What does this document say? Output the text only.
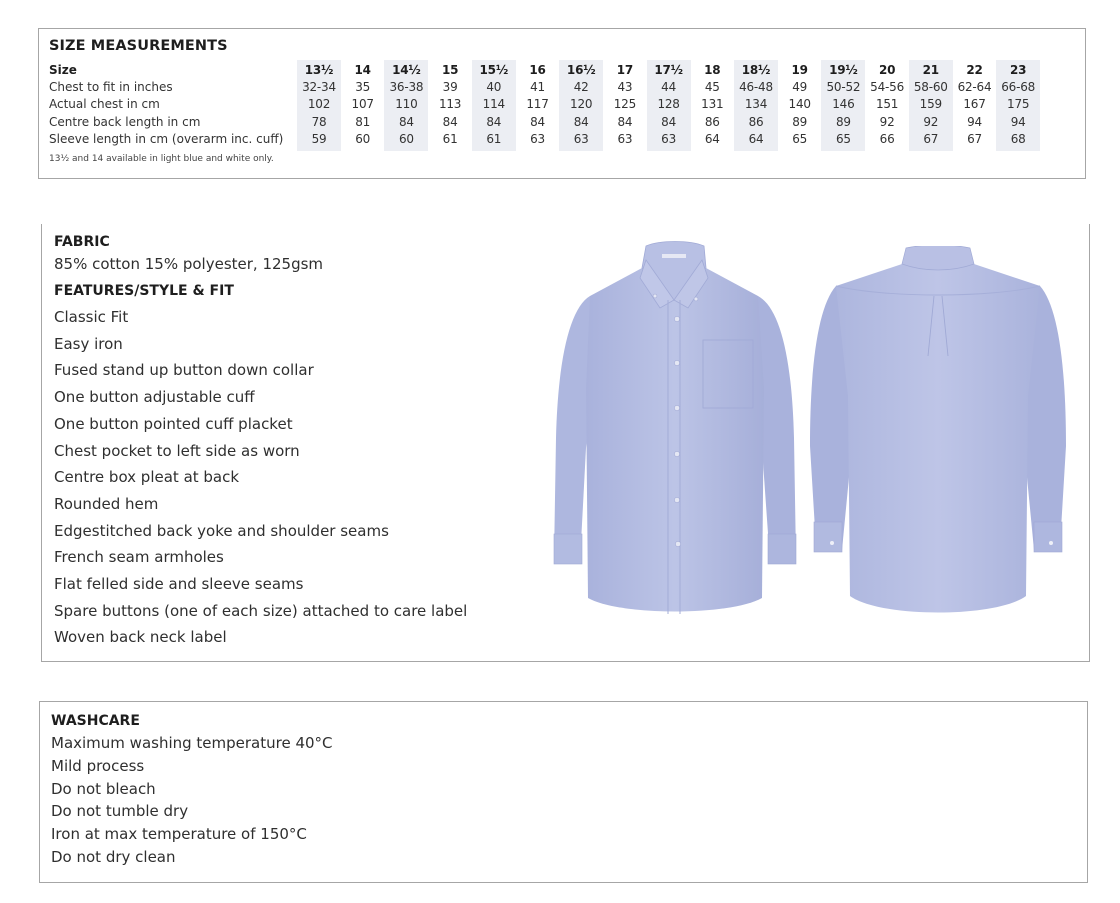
SIZE MEASUREMENTS
Size
Chest to fit in inches
Actual chest in cm
Centre back length in cm
Sleeve length in cm (overarm inc. cuff)
13½
32-34
102
78
59
14
35
107
81
60
14½
36-38
110
84
60
15
39
113
84
61
15½
40
114
84
61
16
41
117
84
63
16½
42
120
84
63
17
43
125
84
63
17½
44
128
84
63
18
45
131
86
64
18½
46-48
134
86
64
19
49
140
89
65
19½
50-52
146
89
65
20
54-56
151
92
66
21
58-60
159
92
67
22
62-64
167
94
67
23
66-68
175
94
68
13½ and 14 available in light blue and white only.
FABRIC
85% cotton 15% polyester, 125gsm
FEATURES/STYLE & FIT
Classic Fit
Easy iron
Fused stand up button down collar
One button adjustable cuff
One button pointed cuff placket
Chest pocket to left side as worn
Centre box pleat at back
Rounded hem
Edgestitched back yoke and shoulder seams
French seam armholes
Flat felled side and sleeve seams
Spare buttons (one of each size) attached to care label
Woven back neck label
WASHCARE
Maximum washing temperature 40°C
Mild process
Do not bleach
Do not tumble dry
Iron at max temperature of 150°C
Do not dry clean
